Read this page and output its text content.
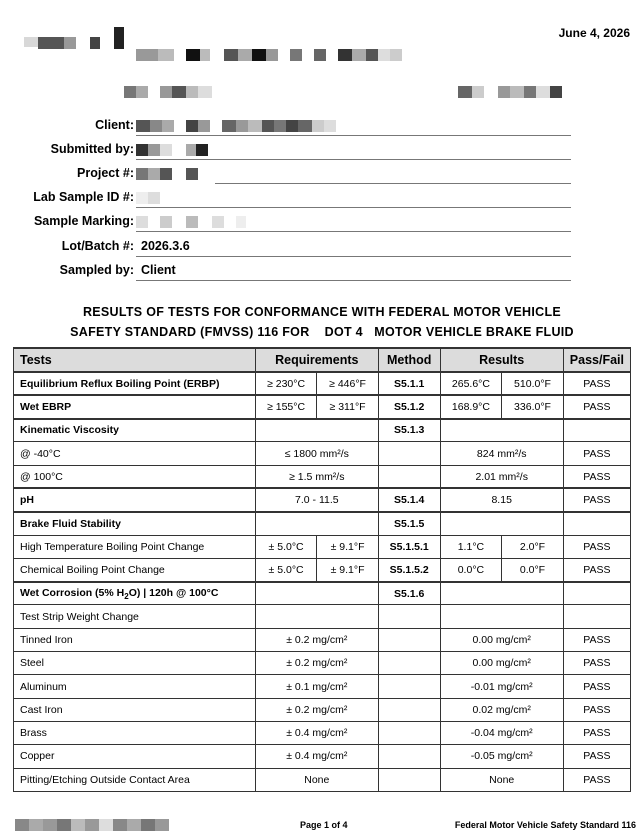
June 4, 2026
Client:
Submitted by:
Project #:
Lab Sample ID #:
Sample Marking:
Lot/Batch #: 2026.3.6
Sampled by: Client
RESULTS OF TESTS FOR CONFORMANCE WITH FEDERAL MOTOR VEHICLE
SAFETY STANDARD (FMVSS) 116 FOR    DOT 4   MOTOR VEHICLE BRAKE FLUID
Tests	Requirements		Method	Results		Pass/Fail
Equilibrium Reflux Boiling Point (ERBP)	≥ 230°C	≥ 446°F	S5.1.1	265.6°C	510.0°F	PASS
Wet EBRP	≥ 155°C	≥ 311°F	S5.1.2	168.9°C	336.0°F	PASS
Kinematic Viscosity			S5.1.3			
@ -40°C	≤ 1800 mm²/s			824 mm²/s		PASS
@ 100°C	≥ 1.5 mm²/s			2.01 mm²/s		PASS
pH	7.0 - 11.5		S5.1.4	8.15		PASS
Brake Fluid Stability			S5.1.5			
High Temperature Boiling Point Change	± 5.0°C	± 9.1°F	S5.1.5.1	1.1°C	2.0°F	PASS
Chemical Boiling Point Change	± 5.0°C	± 9.1°F	S5.1.5.2	0.0°C	0.0°F	PASS
Wet Corrosion (5% $H_2O$) | 120h @ 100°C			S5.1.6			
Test Strip Weight Change						
Tinned Iron	± 0.2 mg/cm²			0.00 mg/cm²		PASS
Steel	± 0.2 mg/cm²			0.00 mg/cm²		PASS
Aluminum	± 0.1 mg/cm²			-0.01 mg/cm²		PASS
Cast Iron	± 0.2 mg/cm²			0.02 mg/cm²		PASS
Brass	± 0.4 mg/cm²			-0.04 mg/cm²		PASS
Copper	± 0.4 mg/cm²			-0.05 mg/cm²		PASS
Pitting/Etching Outside Contact Area	None			None		PASS
Page 1 of 4	Federal Motor Vehicle Safety Standard 116
